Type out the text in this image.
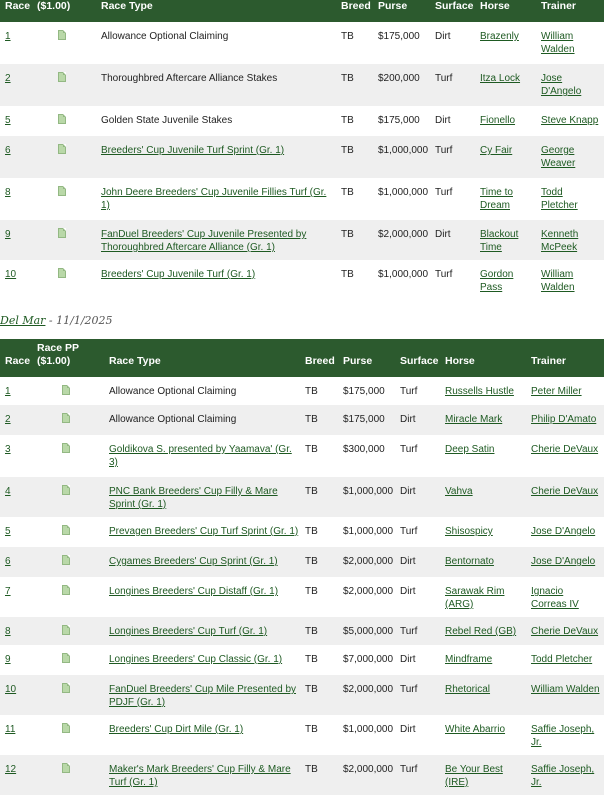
Race	($1.00)	Race Type	Breed	Purse	Surface	Horse	Trainer
1		Allowance Optional Claiming	TB	$175,000	Dirt	Brazenly	William Walden
2		Thoroughbred Aftercare Alliance Stakes	TB	$200,000	Turf	Itza Lock	Jose D'Angelo
5		Golden State Juvenile Stakes	TB	$175,000	Dirt	Fionello	Steve Knapp
6		Breeders' Cup Juvenile Turf Sprint (Gr. 1)	TB	$1,000,000	Turf	Cy Fair	George Weaver
8		John Deere Breeders' Cup Juvenile Fillies Turf (Gr. 1)	TB	$1,000,000	Turf	Time to Dream	Todd Pletcher
9		FanDuel Breeders' Cup Juvenile Presented by Thoroughbred Aftercare Alliance (Gr. 1)	TB	$2,000,000	Dirt	Blackout Time	Kenneth McPeek
10		Breeders' Cup Juvenile Turf (Gr. 1)	TB	$1,000,000	Turf	Gordon Pass	William Walden
Del Mar - 11/1/2025
Race	Race PP ($1.00)	Race Type	Breed	Purse	Surface	Horse	Trainer
1		Allowance Optional Claiming	TB	$175,000	Turf	Russells Hustle	Peter Miller
2		Allowance Optional Claiming	TB	$175,000	Dirt	Miracle Mark	Philip D'Amato
3		Goldikova S. presented by Yaamava' (Gr. 3)	TB	$300,000	Turf	Deep Satin	Cherie DeVaux
4		PNC Bank Breeders' Cup Filly & Mare Sprint (Gr. 1)	TB	$1,000,000	Dirt	Vahva	Cherie DeVaux
5		Prevagen Breeders' Cup Turf Sprint (Gr. 1)	TB	$1,000,000	Turf	Shisospicy	Jose D'Angelo
6		Cygames Breeders' Cup Sprint (Gr. 1)	TB	$2,000,000	Dirt	Bentornato	Jose D'Angelo
7		Longines Breeders' Cup Distaff (Gr. 1)	TB	$2,000,000	Dirt	Sarawak Rim (ARG)	Ignacio Correas IV
8		Longines Breeders' Cup Turf (Gr. 1)	TB	$5,000,000	Turf	Rebel Red (GB)	Cherie DeVaux
9		Longines Breeders' Cup Classic (Gr. 1)	TB	$7,000,000	Dirt	Mindframe	Todd Pletcher
10		FanDuel Breeders' Cup Mile Presented by PDJF (Gr. 1)	TB	$2,000,000	Turf	Rhetorical	William Walden
11		Breeders' Cup Dirt Mile (Gr. 1)	TB	$1,000,000	Dirt	White Abarrio	Saffie Joseph, Jr.
12		Maker's Mark Breeders' Cup Filly & Mare Turf (Gr. 1)	TB	$2,000,000	Turf	Be Your Best (IRE)	Saffie Joseph, Jr.
